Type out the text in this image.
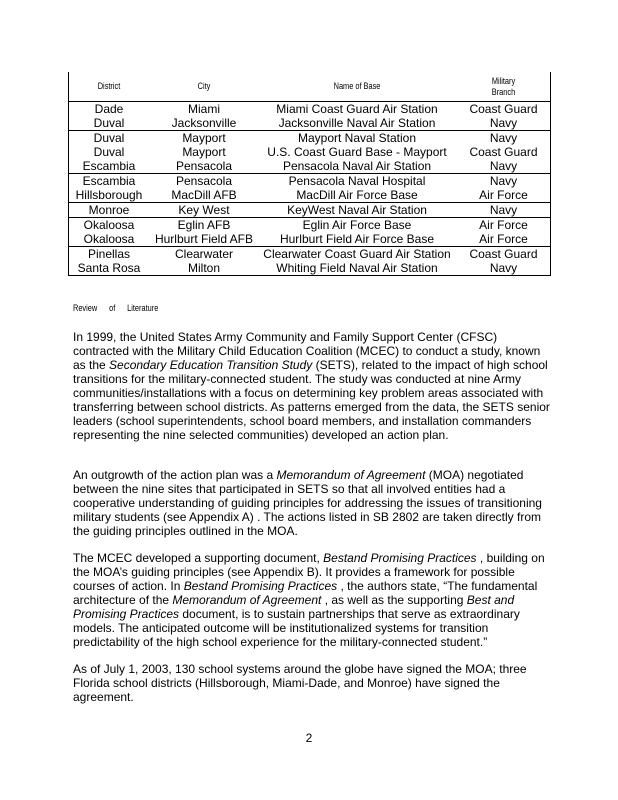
District	City	Name of Base	Military
Branch
Dade	Miami	Miami Coast Guard Air Station	Coast Guard
Duval	Jacksonville	Jacksonville Naval Air Station	Navy
Duval	Mayport	Mayport Naval Station	Navy
Duval	Mayport	U.S. Coast Guard Base - Mayport	Coast Guard
Escambia	Pensacola	Pensacola Naval Air Station	Navy
Escambia	Pensacola	Pensacola Naval Hospital	Navy
Hillsborough	MacDill AFB	MacDill Air Force Base	Air Force
Monroe	Key West	KeyWest Naval Air Station	Navy
Okaloosa	Eglin AFB	Eglin Air Force Base	Air Force
Okaloosa	Hurlburt Field AFB	Hurlburt Field Air Force Base	Air Force
Pinellas	Clearwater	Clearwater Coast Guard Air Station	Coast Guard
Santa Rosa	Milton	Whiting Field Naval Air Station	Navy
Review of Literature

In 1999, the United States Army Community and Family Support Center (CFSC) contracted with the Military Child Education Coalition (MCEC) to conduct a study, known as the Secondary Education Transition Study (SETS), related to the impact of high school transitions for the military-connected student. The study was conducted at nine Army communities/installations with a focus on determining key problem areas associated with transferring between school districts. As patterns emerged from the data, the SETS senior leaders (school superintendents, school board members, and installation commanders representing the nine selected communities) developed an action plan.

An outgrowth of the action plan was a Memorandum of Agreement (MOA) negotiated between the nine sites that participated in SETS so that all involved entities had a cooperative understanding of guiding principles for addressing the issues of transitioning military students (see Appendix A) . The actions listed in SB 2802 are taken directly from the guiding principles outlined in the MOA.

The MCEC developed a supporting document, Bestand Promising Practices , building on the MOA’s guiding principles (see Appendix B). It provides a framework for possible courses of action. In Bestand Promising Practices , the authors state, “The fundamental architecture of the Memorandum of Agreement , as well as the supporting Best and Promising Practices document, is to sustain partnerships that serve as extraordinary models. The anticipated outcome will be institutionalized systems for transition predictability of the high school experience for the military-connected student.”

As of July 1, 2003, 130 school systems around the globe have signed the MOA; three Florida school districts (Hillsborough, Miami-Dade, and Monroe) have signed the agreement.

2
